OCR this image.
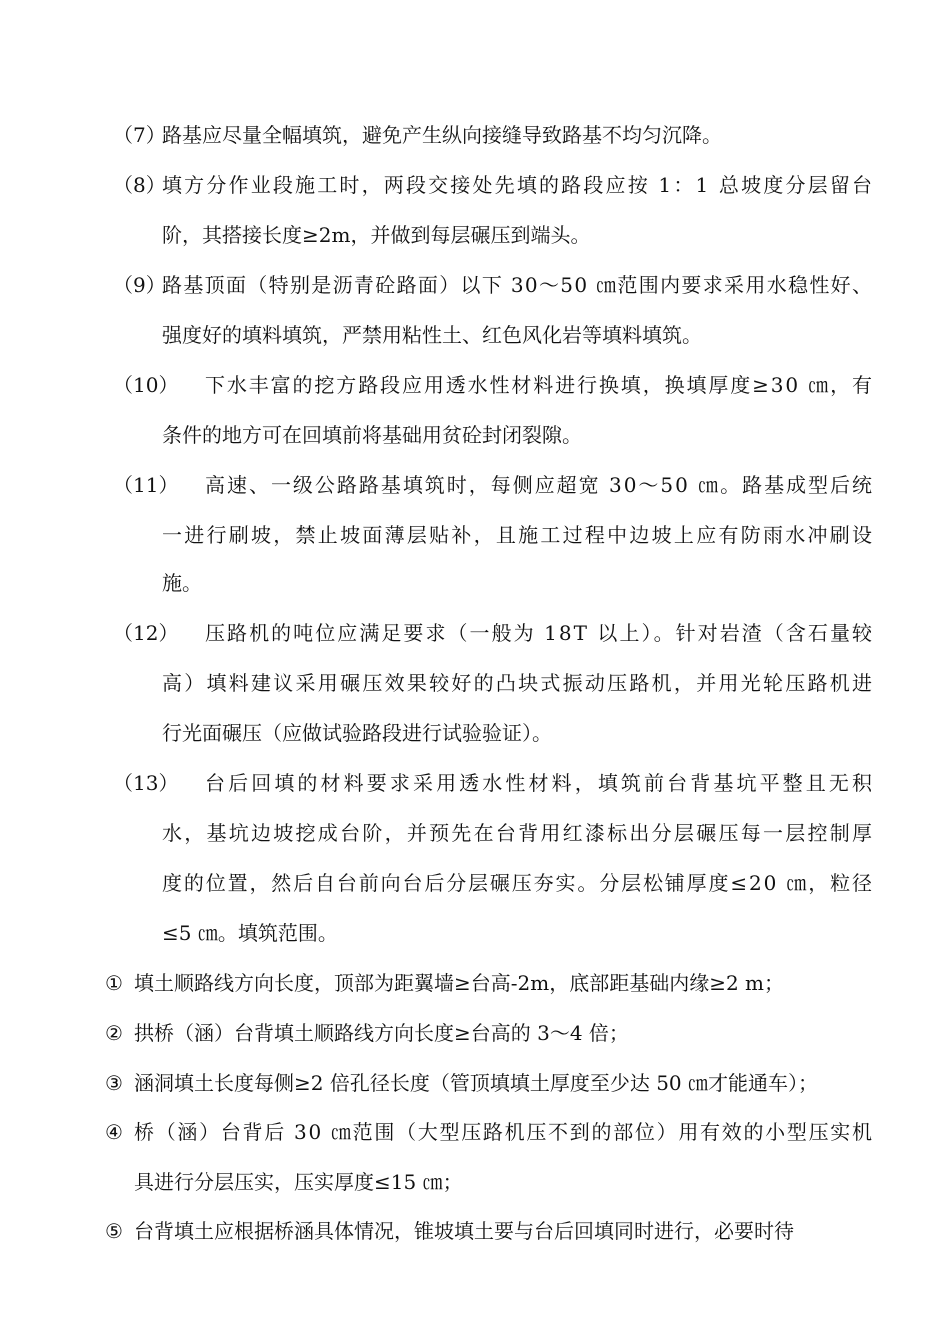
（7）
路基应尽量全幅填筑，避免产生纵向接缝导致路基不均匀沉降。
（8）
填方分作业段施工时，两段交接处先填的路段应按 1：1 总坡度分层留台
阶，其搭接长度≥2m，并做到每层碾压到端头。
（9）
路基顶面（特别是沥青砼路面）以下 30～50 ㎝范围内要求采用水稳性好、
强度好的填料填筑，严禁用粘性土、红色风化岩等填料填筑。
（10） 下水丰富的挖方路段应用透水性材料进行换填，换填厚度≥30 ㎝，有
条件的地方可在回填前将基础用贫砼封闭裂隙。
（11） 高速、一级公路路基填筑时，每侧应超宽 30～50 ㎝。路基成型后统
一进行刷坡，禁止坡面薄层贴补，且施工过程中边坡上应有防雨水冲刷设
施。
（12） 压路机的吨位应满足要求（一般为 18T 以上）。针对岩渣（含石量较
高）填料建议采用碾压效果较好的凸块式振动压路机，并用光轮压路机进
行光面碾压（应做试验路段进行试验验证）。
（13） 台后回填的材料要求采用透水性材料，填筑前台背基坑平整且无积
水，基坑边坡挖成台阶，并预先在台背用红漆标出分层碾压每一层控制厚
度的位置，然后自台前向台后分层碾压夯实。分层松铺厚度≤20 ㎝，粒径
≤5 ㎝。填筑范围。
① 填土顺路线方向长度，顶部为距翼墙≥台高-2m，底部距基础内缘≥2 m；
② 拱桥（涵）台背填土顺路线方向长度≥台高的 3～4 倍；
③ 涵洞填土长度每侧≥2 倍孔径长度（管顶填填土厚度至少达 50 ㎝才能通车）；
④ 桥（涵）台背后 30 ㎝范围（大型压路机压不到的部位）用有效的小型压实机
具进行分层压实，压实厚度≤15 ㎝；
⑤ 台背填土应根据桥涵具体情况，锥坡填土要与台后回填同时进行，必要时待
